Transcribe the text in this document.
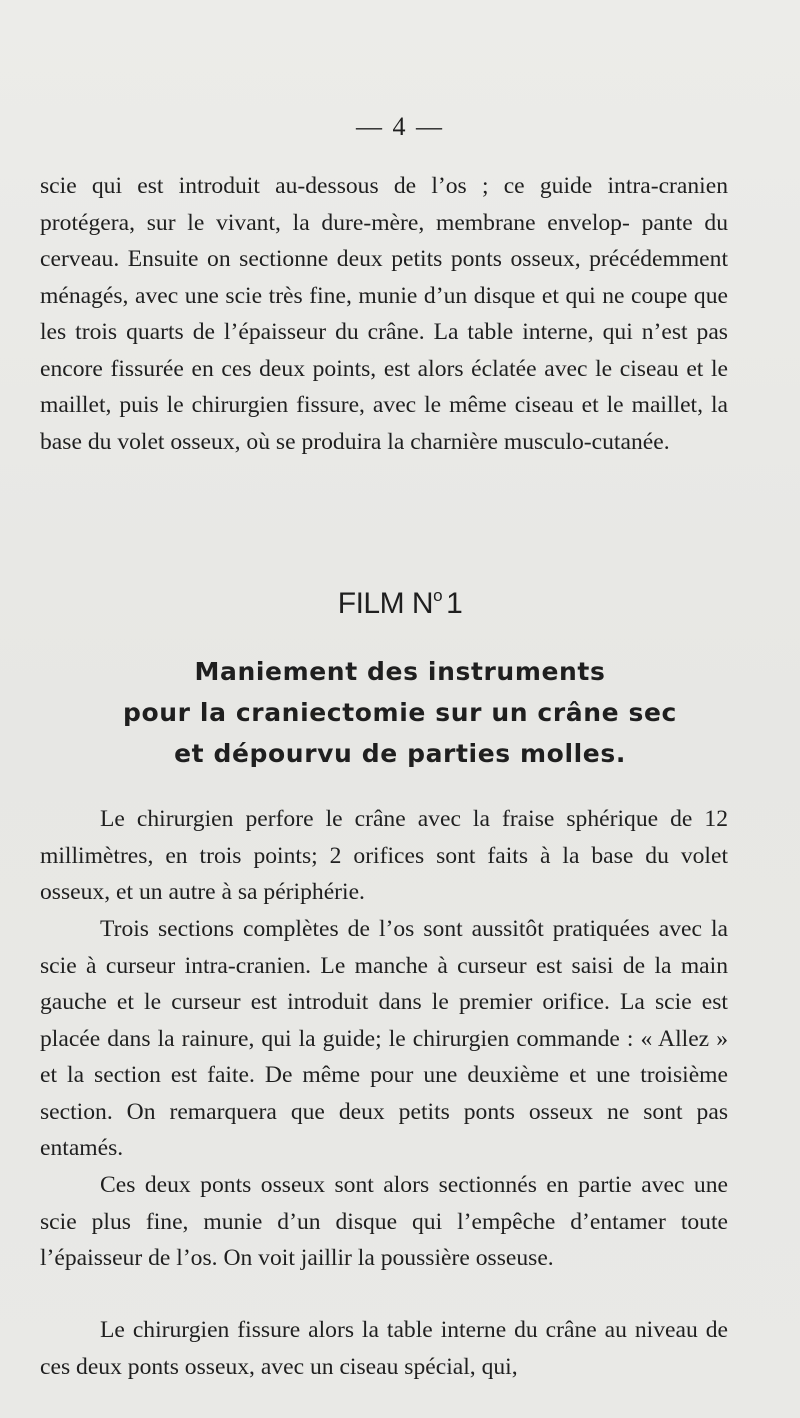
— 4 —

scie qui est introduit au-dessous de l’os ; ce guide intra-cranien protégera, sur le vivant, la dure-mère, membrane envelop- pante du cerveau. Ensuite on sectionne deux petits ponts osseux, précédemment ménagés, avec une scie très fine, munie d’un disque et qui ne coupe que les trois quarts de l’épaisseur du crâne. La table interne, qui n’est pas encore fissurée en ces deux points, est alors éclatée avec le ciseau et le maillet, puis le chirurgien fissure, avec le même ciseau et le maillet, la base du volet osseux, où se produira la charnière musculo-cutanée.

FILM $N^o$ 1
Maniement des instruments
pour la craniectomie sur un crâne sec
et dépourvu de parties molles.

Le chirurgien perfore le crâne avec la fraise sphérique de 12 millimètres, en trois points; 2 orifices sont faits à la base du volet osseux, et un autre à sa périphérie.

Trois sections complètes de l’os sont aussitôt pratiquées avec la scie à curseur intra-cranien. Le manche à curseur est saisi de la main gauche et le curseur est introduit dans le premier orifice. La scie est placée dans la rainure, qui la guide; le chirurgien commande : « Allez » et la section est faite. De même pour une deuxième et une troisième section. On remarquera que deux petits ponts osseux ne sont pas entamés.

Ces deux ponts osseux sont alors sectionnés en partie avec une scie plus fine, munie d’un disque qui l’empêche d’entamer toute l’épaisseur de l’os. On voit jaillir la poussière osseuse.

Le chirurgien fissure alors la table interne du crâne au niveau de ces deux ponts osseux, avec un ciseau spécial, qui,
